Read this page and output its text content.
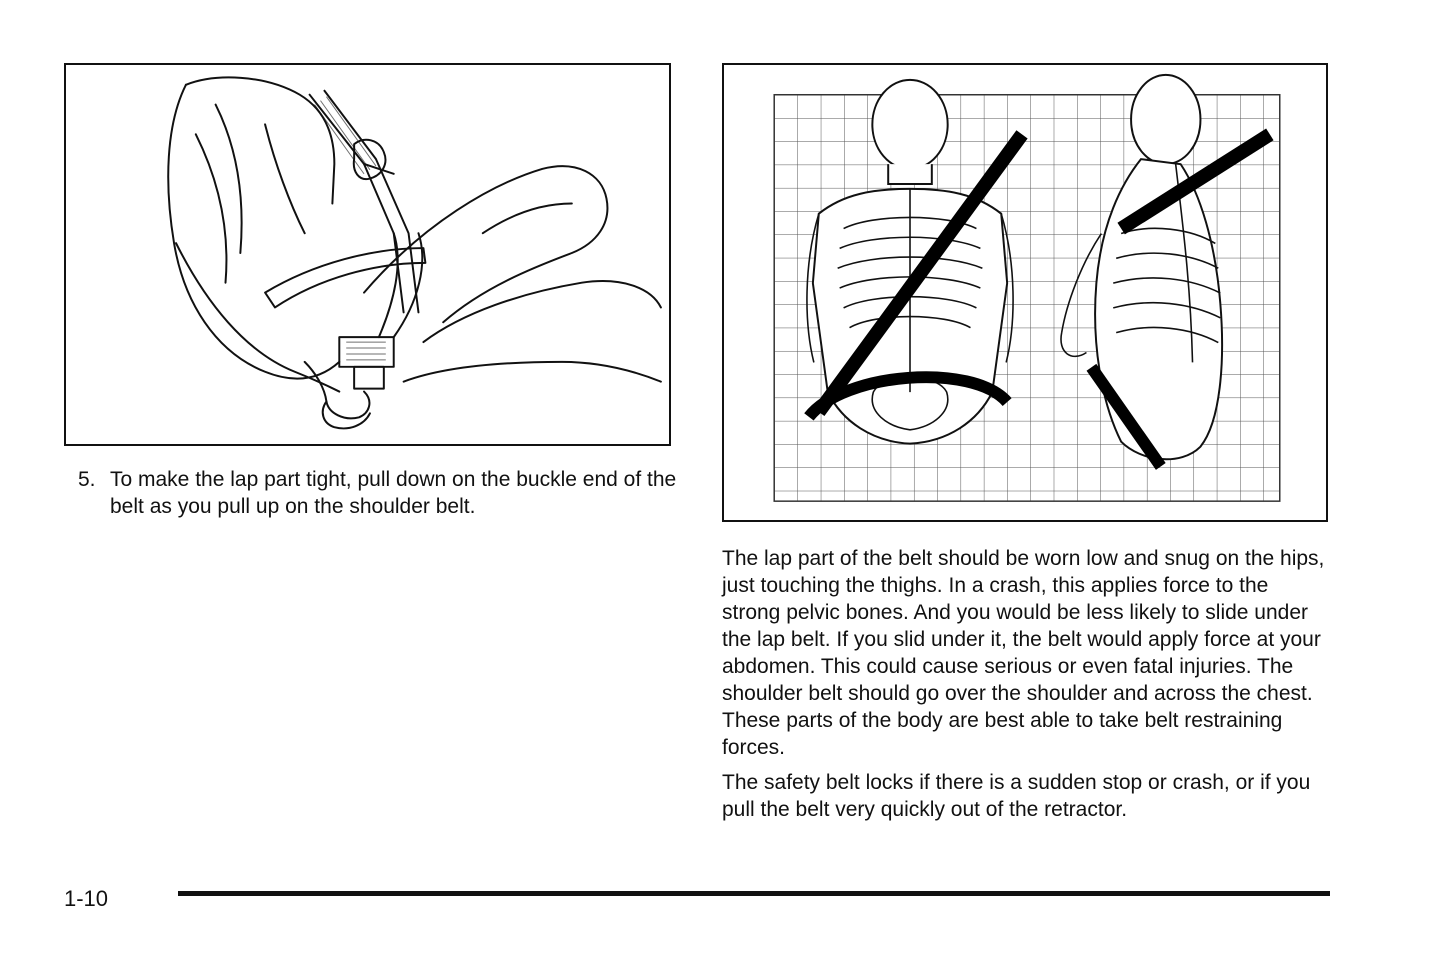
5. To make the lap part tight, pull down on the buckle end of the belt as you pull up on the shoulder belt.

The lap part of the belt should be worn low and snug on the hips, just touching the thighs. In a crash, this applies force to the strong pelvic bones. And you would be less likely to slide under the lap belt. If you slid under it, the belt would apply force at your abdomen. This could cause serious or even fatal injuries. The shoulder belt should go over the shoulder and across the chest. These parts of the body are best able to take belt restraining forces.

The safety belt locks if there is a sudden stop or crash, or if you pull the belt very quickly out of the retractor.

1-10
